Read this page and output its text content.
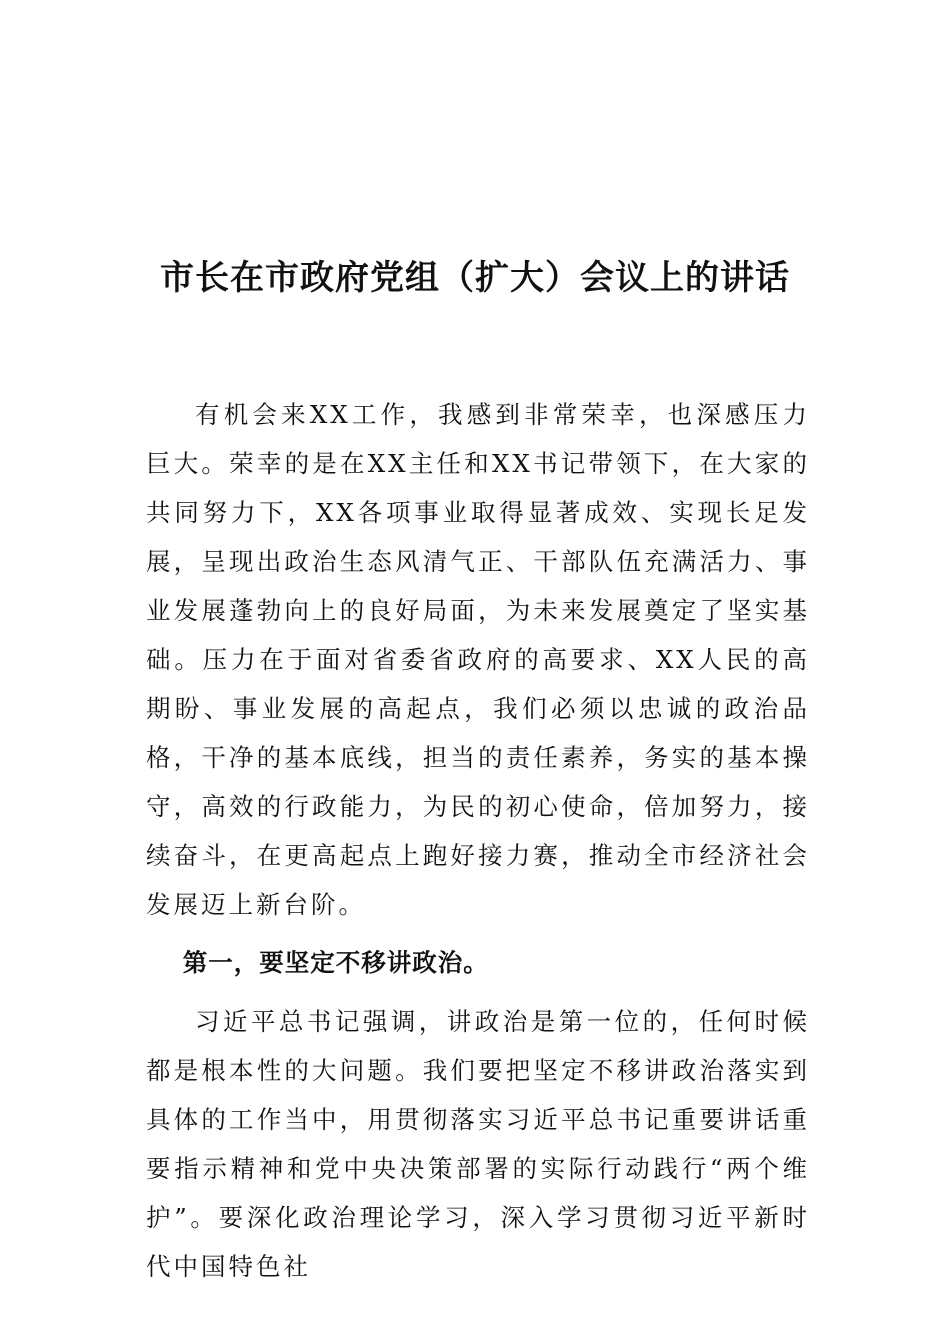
市长在市政府党组（扩大）会议上的讲话

有机会来XX工作，我感到非常荣幸，也深感压力巨大。荣幸的是在XX主任和XX书记带领下，在大家的共同努力下，XX各项事业取得显著成效、实现长足发展，呈现出政治生态风清气正、干部队伍充满活力、事业发展蓬勃向上的良好局面，为未来发展奠定了坚实基础。压力在于面对省委省政府的高要求、XX人民的高期盼、事业发展的高起点，我们必须以忠诚的政治品格，干净的基本底线，担当的责任素养，务实的基本操守，高效的行政能力，为民的初心使命，倍加努力，接续奋斗，在更高起点上跑好接力赛，推动全市经济社会发展迈上新台阶。

第一，要坚定不移讲政治。

习近平总书记强调，讲政治是第一位的，任何时候都是根本性的大问题。我们要把坚定不移讲政治落实到具体的工作当中，用贯彻落实习近平总书记重要讲话重要指示精神和党中央决策部署的实际行动践行“两个维护”。要深化政治理论学习，深入学习贯彻习近平新时代中国特色社
